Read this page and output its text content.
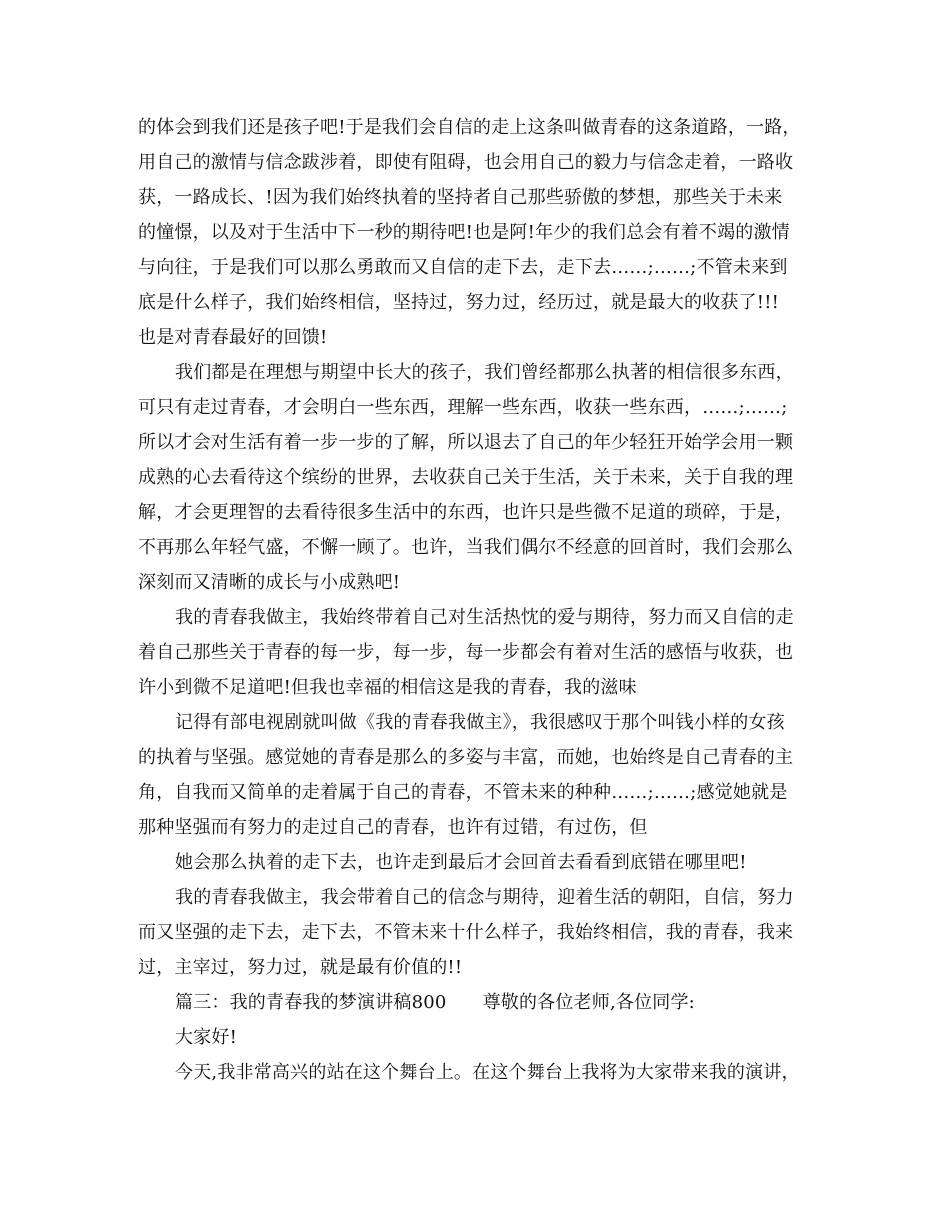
的体会到我们还是孩子吧!于是我们会自信的走上这条叫做青春的这条道路，一路，
用自己的激情与信念跋涉着，即使有阻碍，也会用自己的毅力与信念走着，一路收
获，一路成长、!因为我们始终执着的坚持者自己那些骄傲的梦想，那些关于未来
的憧憬，以及对于生活中下一秒的期待吧!也是阿!年少的我们总会有着不竭的激情
与向往，于是我们可以那么勇敢而又自信的走下去，走下去……;……;不管未来到
底是什么样子，我们始终相信，坚持过，努力过，经历过，就是最大的收获了!!!
也是对青春最好的回馈!
我们都是在理想与期望中长大的孩子，我们曾经都那么执著的相信很多东西，
可只有走过青春，才会明白一些东西，理解一些东西，收获一些东西，……;……;
所以才会对生活有着一步一步的了解，所以退去了自己的年少轻狂开始学会用一颗
成熟的心去看待这个缤纷的世界，去收获自己关于生活，关于未来，关于自我的理
解，才会更理智的去看待很多生活中的东西，也许只是些微不足道的琐碎，于是，
不再那么年轻气盛，不懈一顾了。也许，当我们偶尔不经意的回首时，我们会那么
深刻而又清晰的成长与小成熟吧!
我的青春我做主，我始终带着自己对生活热忱的爱与期待，努力而又自信的走
着自己那些关于青春的每一步，每一步，每一步都会有着对生活的感悟与收获，也
许小到微不足道吧!但我也幸福的相信这是我的青春，我的滋味
记得有部电视剧就叫做《我的青春我做主》，我很感叹于那个叫钱小样的女孩
的执着与坚强。感觉她的青春是那么的多姿与丰富，而她，也始终是自己青春的主
角，自我而又简单的走着属于自己的青春，不管未来的种种……;……;感觉她就是
那种坚强而有努力的走过自己的青春，也许有过错，有过伤，但
她会那么执着的走下去，也许走到最后才会回首去看看到底错在哪里吧!
我的青春我做主，我会带着自己的信念与期待，迎着生活的朝阳，自信，努力
而又坚强的走下去，走下去，不管未来十什么样子，我始终相信，我的青春，我来
过，主宰过，努力过，就是最有价值的!!
篇三：我的青春我的梦演讲稿800 尊敬的各位老师,各位同学:
大家好!
今天,我非常高兴的站在这个舞台上。在这个舞台上我将为大家带来我的演讲，
